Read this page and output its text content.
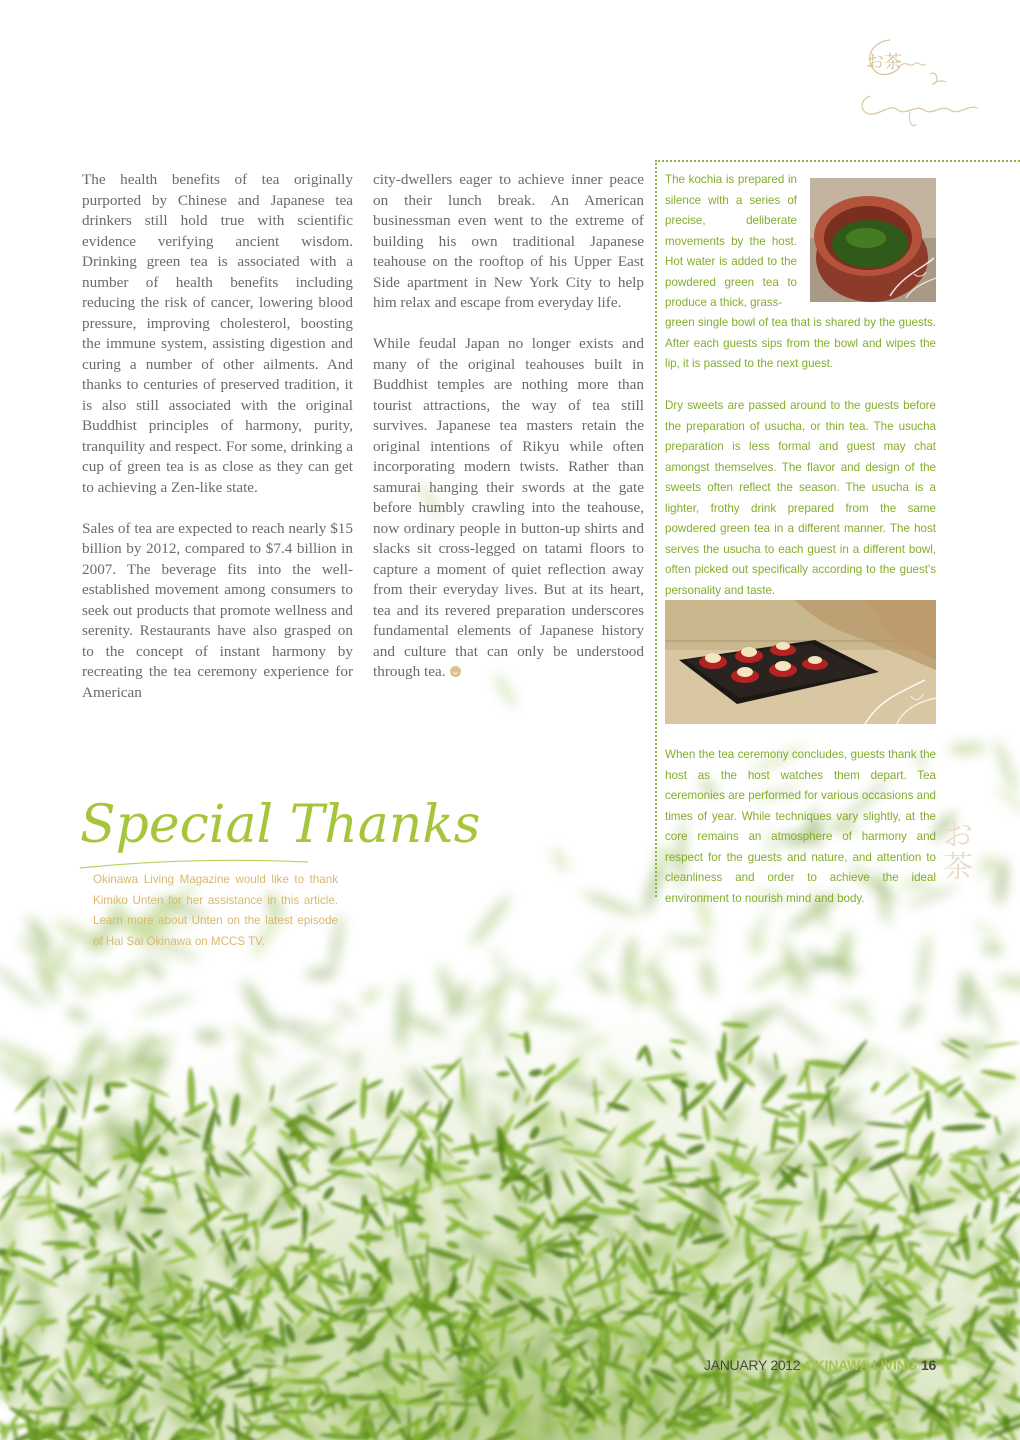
お茶

The health benefits of tea originally purported by Chinese and Japanese tea drinkers still hold true with scientific evidence verifying ancient wisdom. Drinking green tea is associated with a number of health benefits including reducing the risk of cancer, lowering blood pressure, improving cholesterol, boosting the immune system, assisting digestion and curing a number of other ailments. And thanks to centuries of preserved tradition, it is also still associated with the original Buddhist principles of harmony, purity, tranquility and respect. For some, drinking a cup of green tea is as close as they can get to achieving a Zen-like state.

Sales of tea are expected to reach nearly $15 billion by 2012, compared to $7.4 billion in 2007. The beverage fits into the well-established movement among consumers to seek out products that promote wellness and serenity. Restaurants have also grasped on to the concept of instant harmony by recreating the tea ceremony experience for American

city-dwellers eager to achieve inner peace on their lunch break. An American businessman even went to the extreme of building his own traditional Japanese teahouse on the rooftop of his Upper East Side apartment in New York City to help him relax and escape from everyday life.

While feudal Japan no longer exists and many of the original teahouses built in Buddhist temples are nothing more than tourist attractions, the way of tea still survives. Japanese tea masters retain the original intentions of Rikyu while often incorporating modern twists. Rather than samurai hanging their swords at the gate before humbly crawling into the teahouse, now ordinary people in button-up shirts and slacks sit cross-legged on tatami floors to capture a moment of quiet reflection away from their everyday lives. But at its heart, tea and its revered preparation underscores fundamental elements of Japanese history and culture that can only be understood through tea.

The kochia is prepared in silence with a series of precise, deliberate movements by the host. Hot water is added to the powdered green tea to produce a thick, grass-

green single bowl of tea that is shared by the guests. After each guests sips from the bowl and wipes the lip, it is passed to the next guest.

Dry sweets are passed around to the guests before the preparation of usucha, or thin tea. The usucha preparation is less formal and guest may chat amongst themselves. The flavor and design of the sweets often reflect the season. The usucha is a lighter, frothy drink prepared from the same powdered green tea in a different manner. The host serves the usucha to each guest in a different bowl, often picked out specifically according to the guest's personality and taste.

When the tea ceremony concludes, guests thank the host as the host watches them depart. Tea ceremonies are performed for various occasions and times of year. While techniques vary slightly, at the core remains an atmosphere of harmony and respect for the guests and nature, and attention to cleanliness and order to achieve the ideal environment to nourish mind and body.

お茶
Special Thanks
Okinawa Living Magazine would like to thank Kimiko Unten for her assistance in this article. Learn more about Unten on the latest episode of Hai Sai Okinawa on MCCS TV.
JANUARY 2012 OKINAWA LIVING 16
